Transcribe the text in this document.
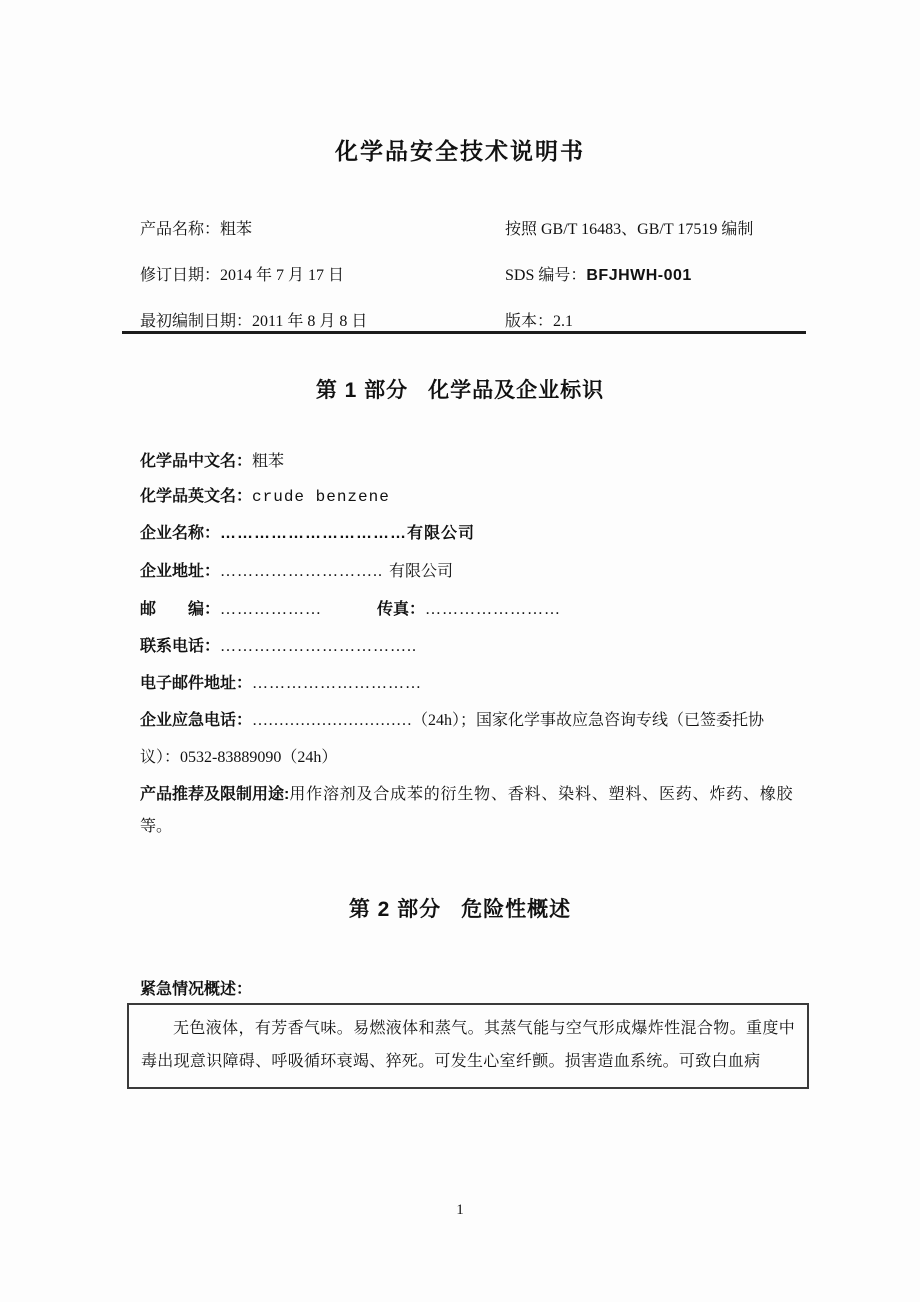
化学品安全技术说明书
产品名称：粗苯	按照 GB/T 16483、GB/T 17519 编制
修订日期：2014 年 7 月 17 日	SDS 编号：BFJHWH-001
最初编制日期：2011 年 8 月 8 日	版本：2.1
第 1 部分 化学品及企业标识
化学品中文名：粗苯
化学品英文名：crude benzene
企业名称：……………………………有限公司
企业地址：……………………….. 有限公司
邮　　编：………………	传真：……………………
联系电话：……………………………..
电子邮件地址：…………………………
企业应急电话：…………………………（24h）；国家化学事故应急咨询专线（已签委托协
议）：0532-83889090（24h）
产品推荐及限制用途:用作溶剂及合成苯的衍生物、香料、染料、塑料、医药、炸药、橡胶
等。
第 2 部分 危险性概述
紧急情况概述：
无色液体，有芳香气味。易燃液体和蒸气。其蒸气能与空气形成爆炸性混合物。重度中毒出现意识障碍、呼吸循环衰竭、猝死。可发生心室纤颤。损害造血系统。可致白血病
1
